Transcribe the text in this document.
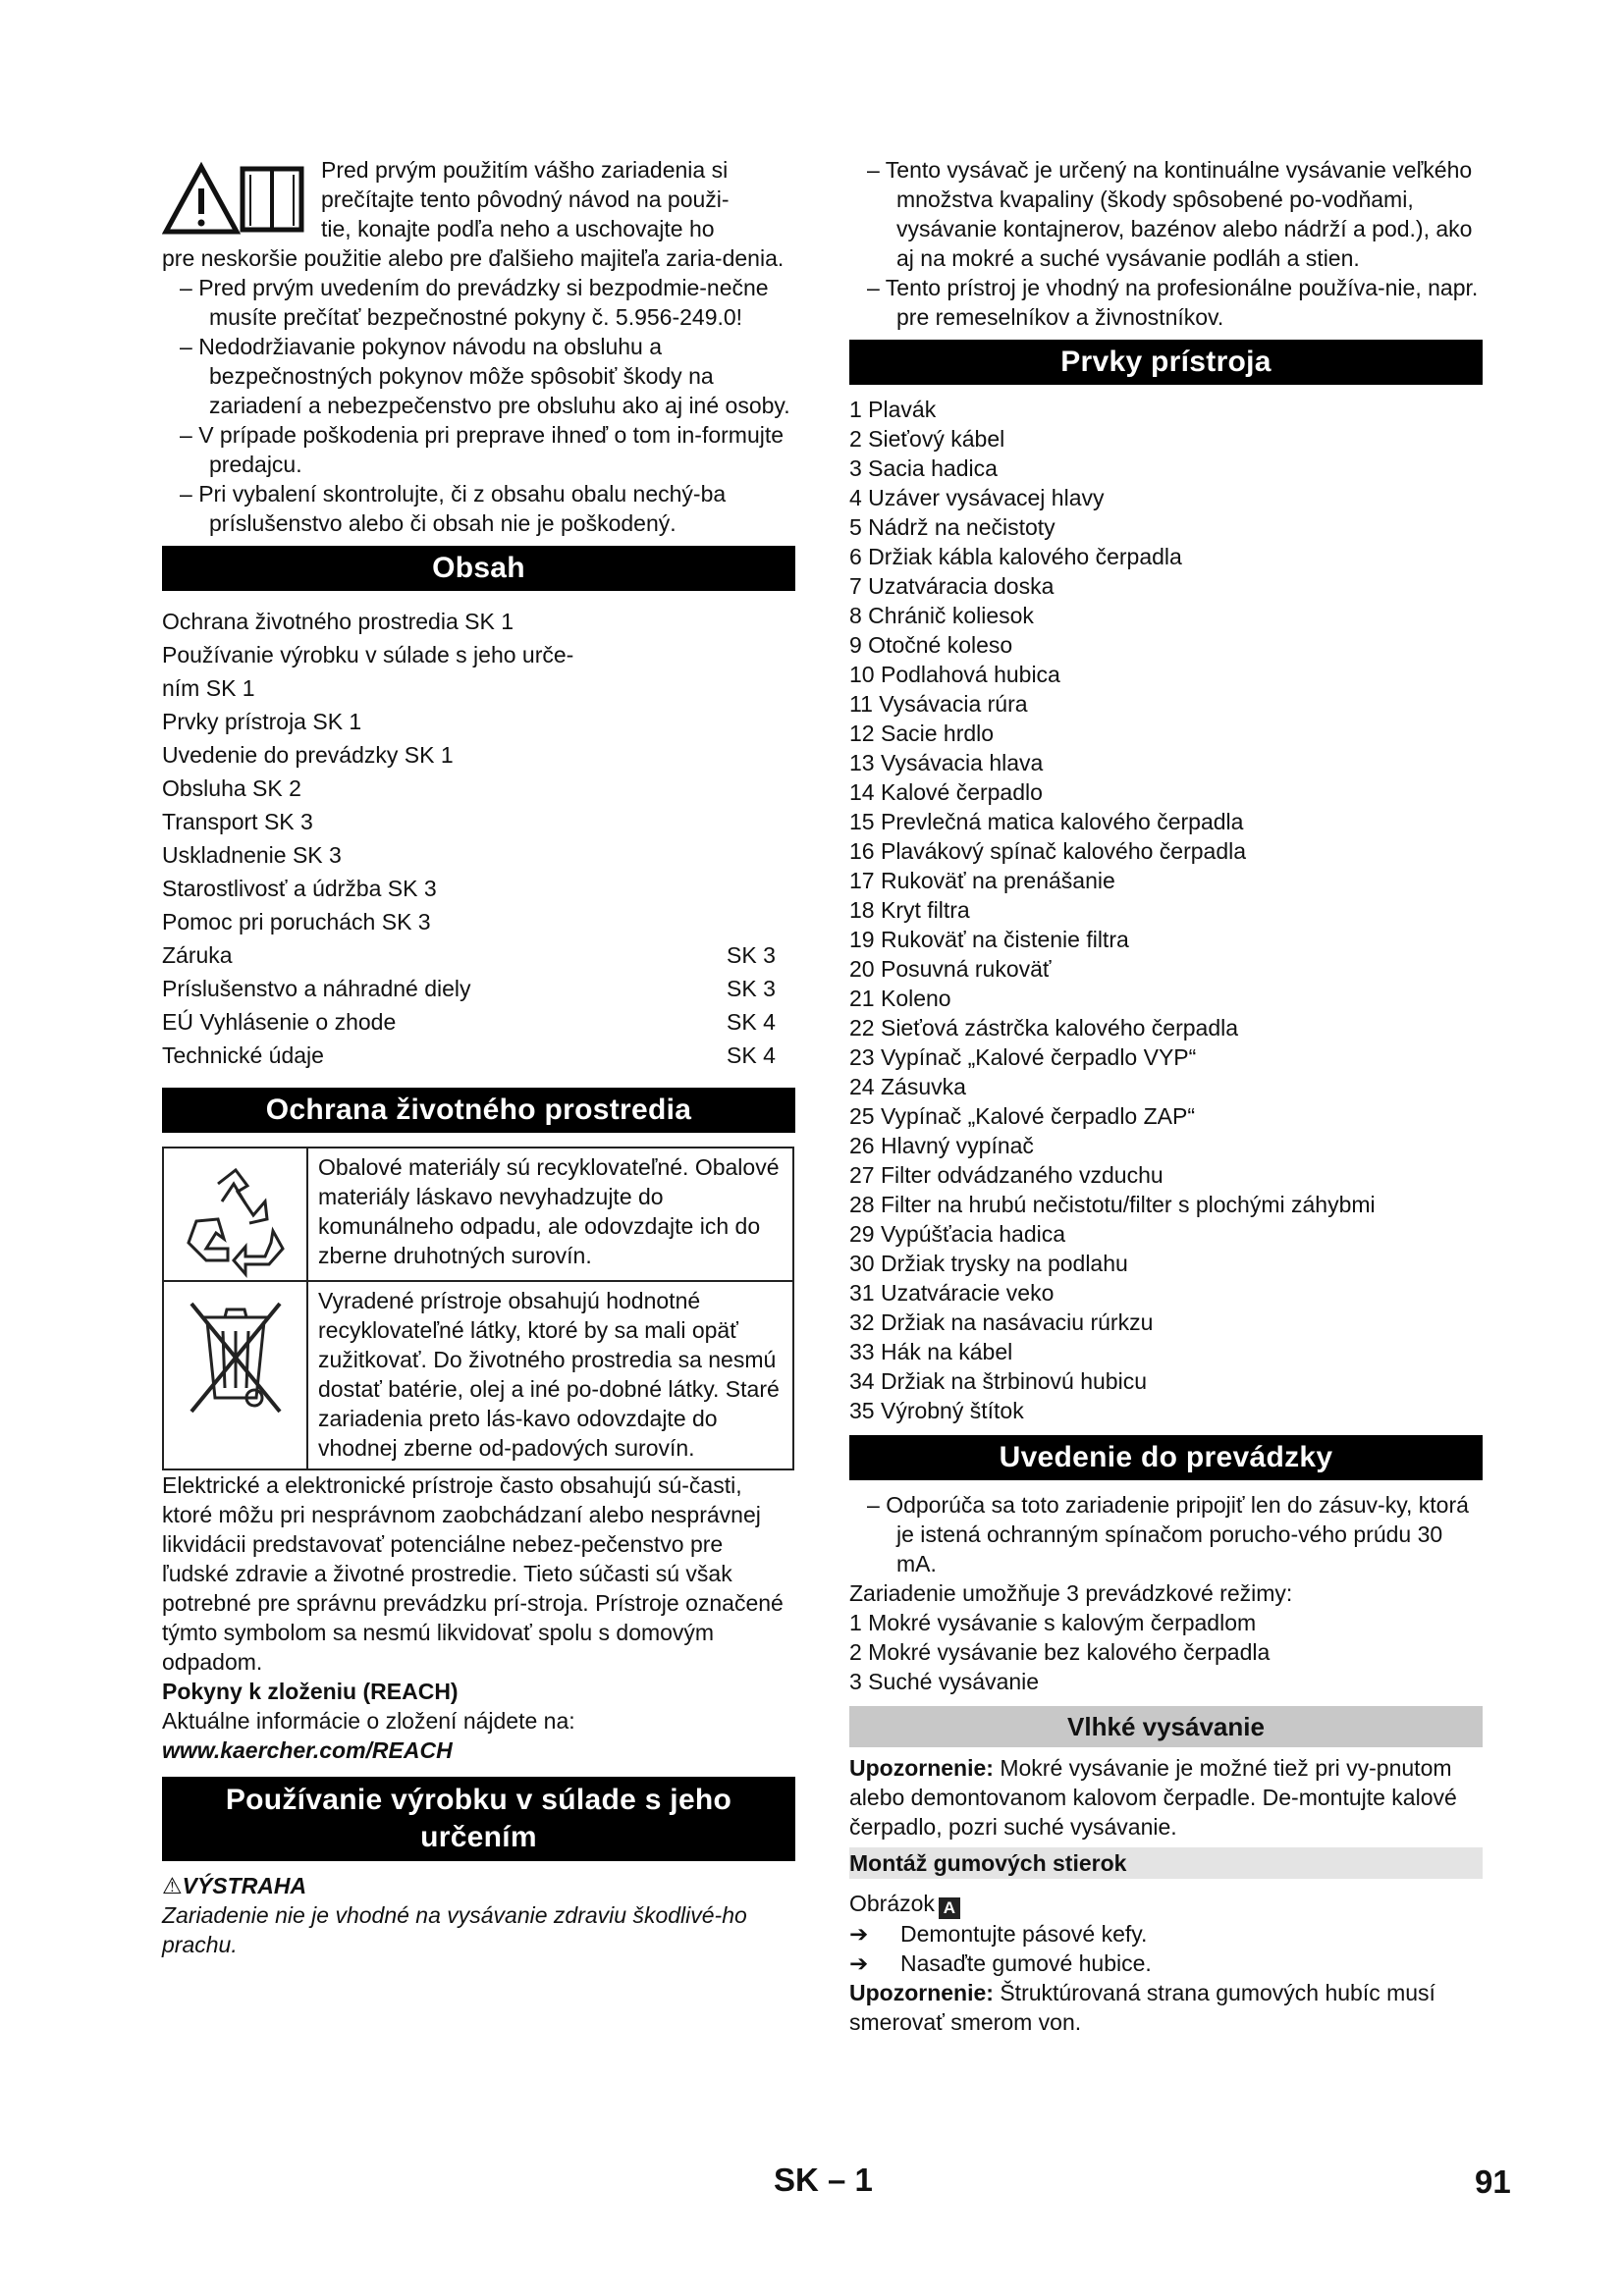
Pred prvým použitím vášho zariadenia si

prečítajte tento pôvodný návod na použi-

tie, konajte podľa neho a uschovajte ho

pre neskoršie použitie alebo pre ďalšieho majiteľa zaria-denia.

– Pred prvým uvedením do prevádzky si bezpodmie-nečne musíte prečítať bezpečnostné pokyny č. 5.956-249.0!

– Nedodržiavanie pokynov návodu na obsluhu a bezpečnostných pokynov môže spôsobiť škody na zariadení a nebezpečenstvo pre obsluhu ako aj iné osoby.

– V prípade poškodenia pri preprave ihneď o tom in-formujte predajcu.

– Pri vybalení skontrolujte, či z obsahu obalu nechý-ba príslušenstvo alebo či obsah nie je poškodený.

Obsah

Ochrana životného prostredia SK 1

Používanie výrobku v súlade s jeho urče-

ním SK 1

Prvky prístroja SK 1

Uvedenie do prevádzky SK 1

Obsluha SK 2

Transport SK 3

Uskladnenie SK 3

Starostlivosť a údržba SK 3

Pomoc pri poruchách SK 3

Záruka	SK 3
Príslušenstvo a náhradné diely	SK 3
EÚ Vyhlásenie o zhode	SK 4
Technické údaje	SK 4
Ochrana životného prostredia
Obalové materiály sú recyklovateľné. Obalové materiály láskavo nevyhadzujte do komunálneho odpadu, ale odovzdajte ich do zberne druhotných surovín.
Vyradené prístroje obsahujú hodnotné recyklovateľné látky, ktoré by sa mali opäť zužitkovať. Do životného prostredia sa nesmú dostať batérie, olej a iné po-dobné látky. Staré zariadenia preto lás-kavo odovzdajte do vhodnej zberne od-padových surovín.

Elektrické a elektronické prístroje často obsahujú sú-časti, ktoré môžu pri nesprávnom zaobchádzaní alebo nesprávnej likvidácii predstavovať potenciálne nebez-pečenstvo pre ľudské zdravie a životné prostredie. Tieto súčasti sú však potrebné pre správnu prevádzku prí-stroja. Prístroje označené týmto symbolom sa nesmú likvidovať spolu s domovým odpadom.

Pokyny k zloženiu (REACH)

Aktuálne informácie o zložení nájdete na:

www.kaercher.com/REACH

Používanie výrobku v súlade s jeho
určením

⚠VÝSTRAHA

Zariadenie nie je vhodné na vysávanie zdraviu škodlivé-ho prachu.

– Tento vysávač je určený na kontinuálne vysávanie veľkého množstva kvapaliny (škody spôsobené po-vodňami, vysávanie kontajnerov, bazénov alebo nádrží a pod.), ako aj na mokré a suché vysávanie podláh a stien.

– Tento prístroj je vhodný na profesionálne používa-nie, napr. pre remeselníkov a živnostníkov.

Prvky prístroja

1 Plavák

2 Sieťový kábel

3 Sacia hadica

4 Uzáver vysávacej hlavy

5 Nádrž na nečistoty

6 Držiak kábla kalového čerpadla

7 Uzatváracia doska

8 Chránič koliesok

9 Otočné koleso

10 Podlahová hubica

11 Vysávacia rúra

12 Sacie hrdlo

13 Vysávacia hlava

14 Kalové čerpadlo

15 Prevlečná matica kalového čerpadla

16 Plavákový spínač kalového čerpadla

17 Rukoväť na prenášanie

18 Kryt filtra

19 Rukoväť na čistenie filtra

20 Posuvná rukoväť

21 Koleno

22 Sieťová zástrčka kalového čerpadla

23 Vypínač „Kalové čerpadlo VYP“

24 Zásuvka

25 Vypínač „Kalové čerpadlo ZAP“

26 Hlavný vypínač

27 Filter odvádzaného vzduchu

28 Filter na hrubú nečistotu/filter s plochými záhybmi

29 Vypúšťacia hadica

30 Držiak trysky na podlahu

31 Uzatváracie veko

32 Držiak na nasávaciu rúrkzu

33 Hák na kábel

34 Držiak na štrbinovú hubicu

35 Výrobný štítok

Uvedenie do prevádzky

– Odporúča sa toto zariadenie pripojiť len do zásuv-ky, ktorá je istená ochranným spínačom porucho-vého prúdu 30 mA.

Zariadenie umožňuje 3 prevádzkové režimy:

1 Mokré vysávanie s kalovým čerpadlom

2 Mokré vysávanie bez kalového čerpadla

3 Suché vysávanie

Vlhké vysávanie

Upozornenie: Mokré vysávanie je možné tiež pri vy-pnutom alebo demontovanom kalovom čerpadle. De-montujte kalové čerpadlo, pozri suché vysávanie.

Montáž gumových stierok

Obrázok A

➔	Demontujte pásové kefy.
➔	Nasaďte gumové hubice.

Upozornenie: Štruktúrovaná strana gumových hubíc musí smerovať smerom von.

SK – 1	91
